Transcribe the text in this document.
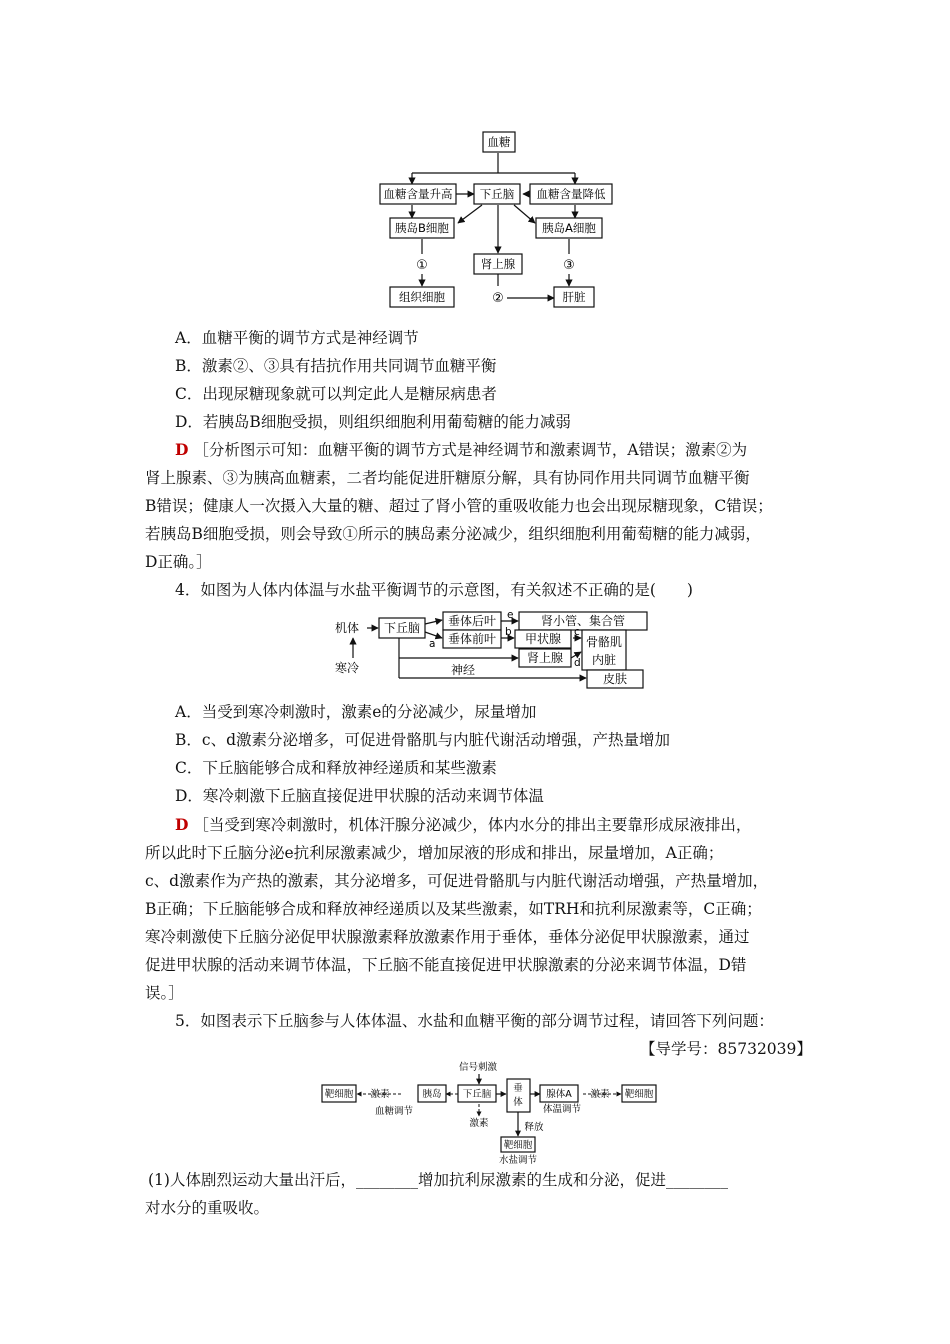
血糖
血糖含量升高 下丘脑 血糖含量降低
胰岛B细胞	胰岛A细胞
肾上腺
组织细胞	肝脏
①
②
③
A．血糖平衡的调节方式是神经调节
B．激素②、③具有拮抗作用共同调节血糖平衡
C．出现尿糖现象就可以判定此人是糖尿病患者
D．若胰岛B细胞受损，则组织细胞利用葡萄糖的能力减弱
D ［分析图示可知：血糖平衡的调节方式是神经调节和激素调节，A错误；激素②为
肾上腺素、③为胰高血糖素，二者均能促进肝糖原分解，具有协同作用共同调节血糖平衡
B错误；健康人一次摄入大量的糖、超过了肾小管的重吸收能力也会出现尿糖现象，C错误；
若胰岛B细胞受损，则会导致①所示的胰岛素分泌减少，组织细胞利用葡萄糖的能力减弱，
D正确。］
4．如图为人体内体温与水盐平衡调节的示意图，有关叙述不正确的是(　　)
机体
寒冷
下丘脑 垂体后叶
垂体前叶
肾小管、集合管
甲状腺
肾上腺
骨骼肌
内脏
皮肤
神经
a
b	c
d
e
A．当受到寒冷刺激时，激素e的分泌减少，尿量增加
B．c、d激素分泌增多，可促进骨骼肌与内脏代谢活动增强，产热量增加
C．下丘脑能够合成和释放神经递质和某些激素
D．寒冷刺激下丘脑直接促进甲状腺的活动来调节体温
D ［当受到寒冷刺激时，机体汗腺分泌减少，体内水分的排出主要靠形成尿液排出，
所以此时下丘脑分泌e抗利尿激素减少，增加尿液的形成和排出，尿量增加，A正确；
c、d激素作为产热的激素，其分泌增多，可促进骨骼肌与内脏代谢活动增强，产热量增加，
B正确；下丘脑能够合成和释放神经递质以及某些激素，如TRH和抗利尿激素等，C正确；
寒冷刺激使下丘脑分泌促甲状腺激素释放激素作用于垂体，垂体分泌促甲状腺激素，通过
促进甲状腺的活动来调节体温，下丘脑不能直接促进甲状腺激素的分泌来调节体温，D错
误。］
5．如图表示下丘脑参与人体体温、水盐和血糖平衡的部分调节过程，请回答下列问题：
【导学号：85732039】
靶细胞 激素	胰岛
信号刺激
下丘脑
垂
体
腺体A 激素 靶细胞
血糖调节
激素
体温调节
释放
靶细胞
水盐调节
(1)人体剧烈运动大量出汗后，________增加抗利尿激素的生成和分泌，促进________
对水分的重吸收。
